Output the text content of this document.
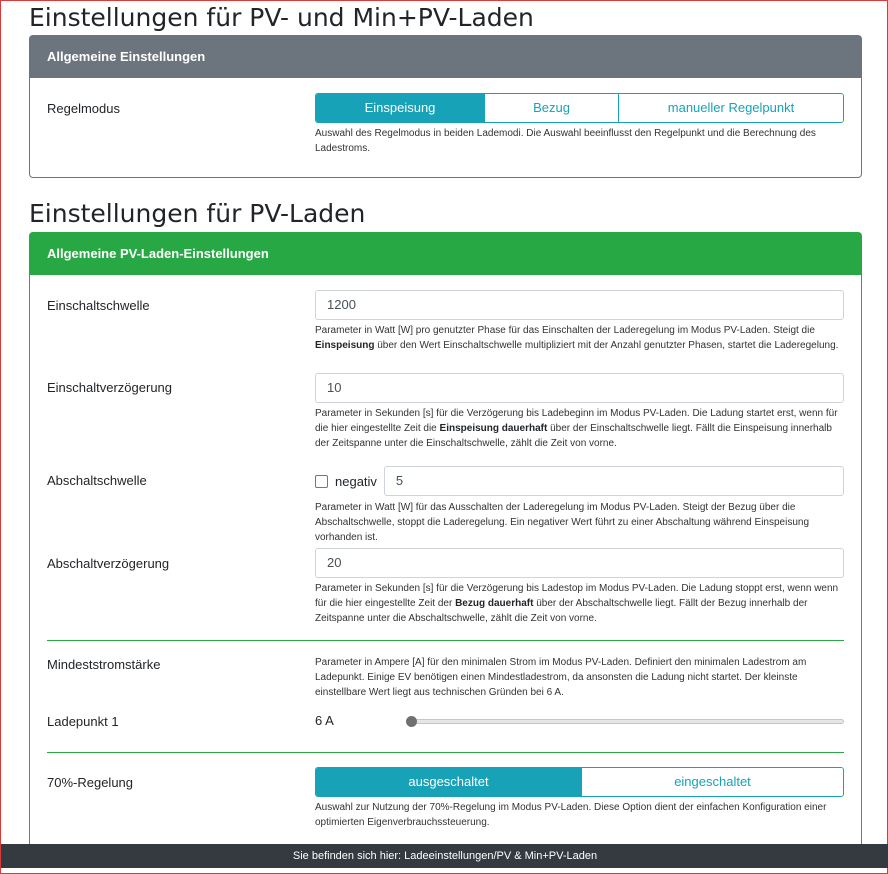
Einstellungen für PV- und Min+PV-Laden
Allgemeine Einstellungen
Regelmodus	Einspeisung	Bezug	manueller Regelpunkt
Auswahl des Regelmodus in beiden Lademodi. Die Auswahl beeinflusst den Regelpunkt und die Berechnung des Ladestroms.
Einstellungen für PV-Laden
Allgemeine PV-Laden-Einstellungen
Einschaltschwelle	1200
Parameter in Watt [W] pro genutzter Phase für das Einschalten der Laderegelung im Modus PV-Laden. Steigt die Einspeisung über den Wert Einschaltschwelle multipliziert mit der Anzahl genutzter Phasen, startet die Laderegelung.
Einschaltverzögerung	10
Parameter in Sekunden [s] für die Verzögerung bis Ladebeginn im Modus PV-Laden. Die Ladung startet erst, wenn für die hier eingestellte Zeit die Einspeisung dauerhaft über der Einschaltschwelle liegt. Fällt die Einspeisung innerhalb der Zeitspanne unter die Einschaltschwelle, zählt die Zeit von vorne.
Abschaltschwelle	negativ	5
Parameter in Watt [W] für das Ausschalten der Laderegelung im Modus PV-Laden. Steigt der Bezug über die Abschaltschwelle, stoppt die Laderegelung. Ein negativer Wert führt zu einer Abschaltung während Einspeisung vorhanden ist.
Abschaltverzögerung	20
Parameter in Sekunden [s] für die Verzögerung bis Ladestop im Modus PV-Laden. Die Ladung stoppt erst, wenn wenn für die hier eingestellte Zeit der Bezug dauerhaft über der Abschaltschwelle liegt. Fällt der Bezug innerhalb der Zeitspanne unter die Abschaltschwelle, zählt die Zeit von vorne.
Mindeststromstärke	Parameter in Ampere [A] für den minimalen Strom im Modus PV-Laden. Definiert den minimalen Ladestrom am Ladepunkt. Einige EV benötigen einen Mindestladestrom, da ansonsten die Ladung nicht startet. Der kleinste einstellbare Wert liegt aus technischen Gründen bei 6 A.
Ladepunkt 1	6 A
70%-Regelung	ausgeschaltet	eingeschaltet
Auswahl zur Nutzung der 70%-Regelung im Modus PV-Laden. Diese Option dient der einfachen Konfiguration einer optimierten Eigenverbrauchssteuerung.
Sie befinden sich hier: Ladeeinstellungen/PV & Min+PV-Laden
